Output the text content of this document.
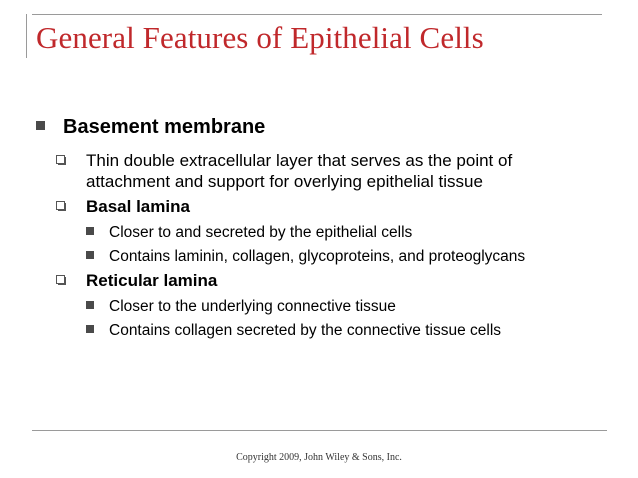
General Features of Epithelial Cells
Basement membrane
Thin double extracellular layer that serves as the point of
attachment and support for overlying epithelial tissue
Basal lamina
Closer to and secreted by the epithelial cells
Contains laminin, collagen, glycoproteins, and proteoglycans
Reticular lamina
Closer to the underlying connective tissue
Contains collagen secreted by the connective tissue cells
Copyright 2009, John Wiley & Sons, Inc.
